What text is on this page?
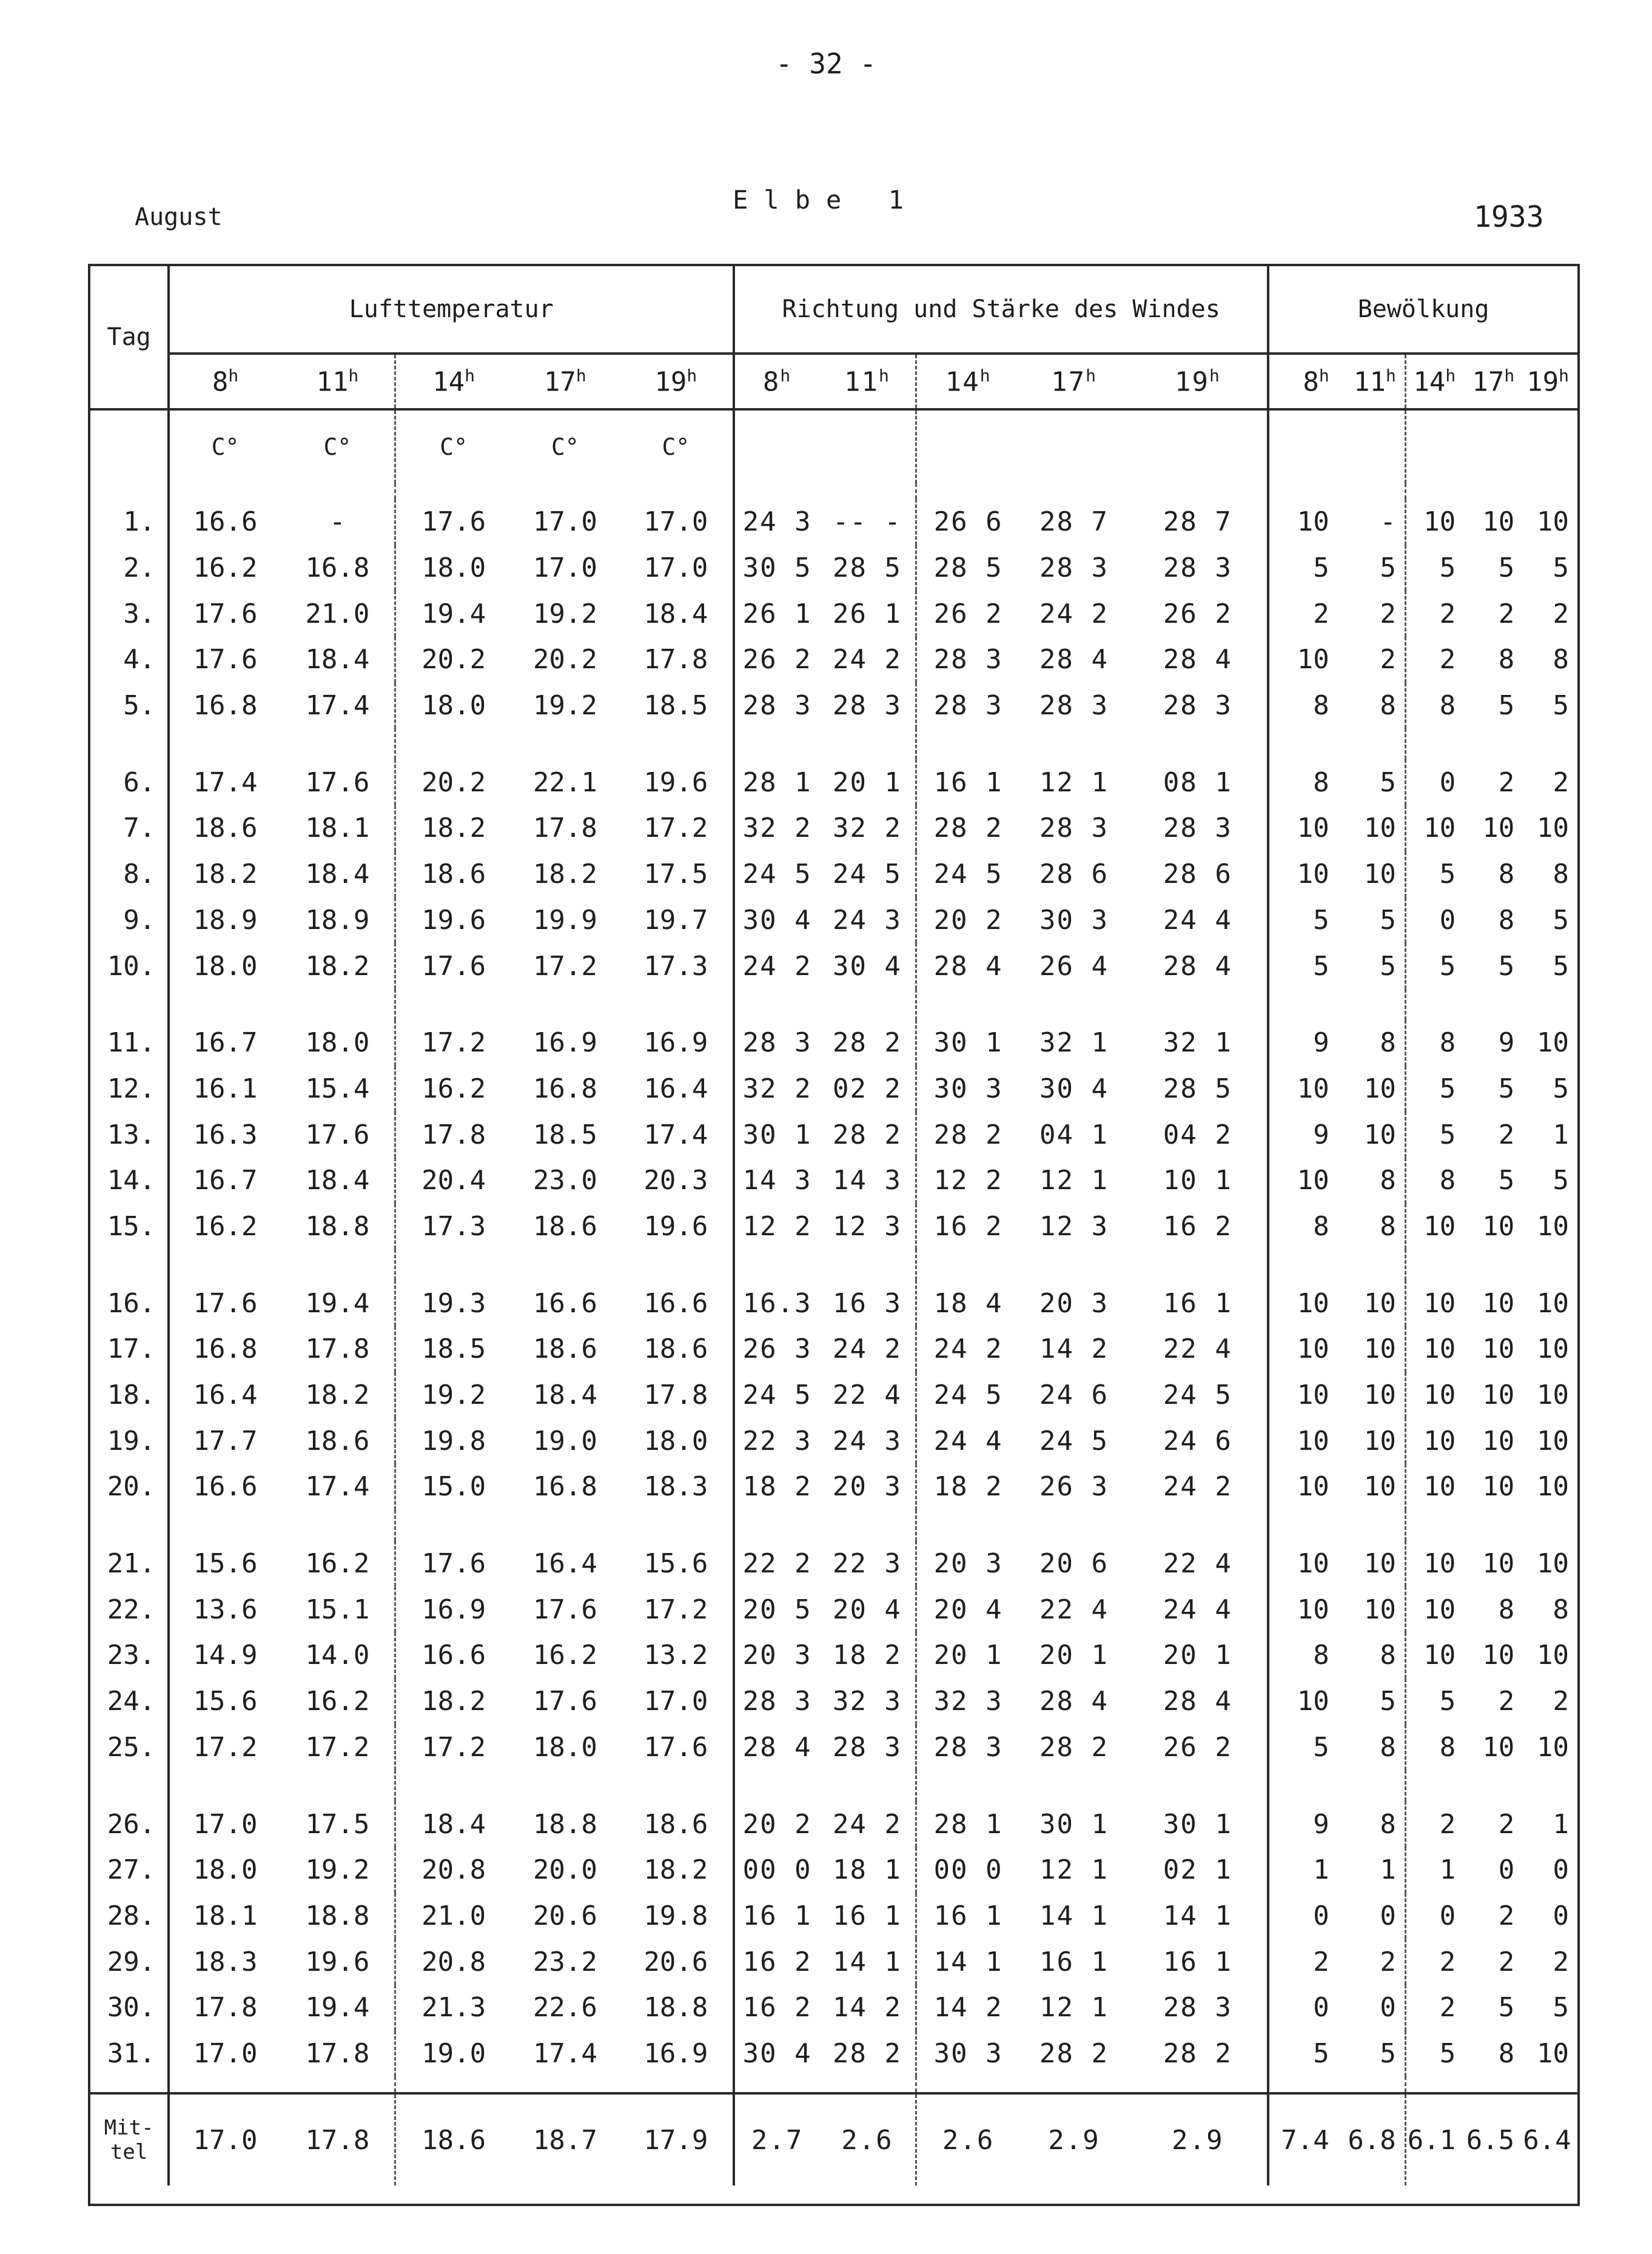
- 32 -
August
Elbe 1
1933
Tag	Lufttemperatur					Richtung und Stärke des Windes					Bewölkung				
	8$^h$	11$^h$	14$^h$	17$^h$	19$^h$	8$^h$	11$^h$	14$^h$	17$^h$	19$^h$	8$^h$	11$^h$	14$^h$	17$^h$	19$^h$
	C°	C°	C°	C°	C°										

1.	16.6	-	17.6	17.0	17.0	24 3	-- -	26 6	28 7	28 7	10	-	10	10	10
2.	16.2	16.8	18.0	17.0	17.0	30 5	28 5	28 5	28 3	28 3	5	5	5	5	5
3.	17.6	21.0	19.4	19.2	18.4	26 1	26 1	26 2	24 2	26 2	2	2	2	2	2
4.	17.6	18.4	20.2	20.2	17.8	26 2	24 2	28 3	28 4	28 4	10	2	2	8	8
5.	16.8	17.4	18.0	19.2	18.5	28 3	28 3	28 3	28 3	28 3	8	8	8	5	5

6.	17.4	17.6	20.2	22.1	19.6	28 1	20 1	16 1	12 1	08 1	8	5	0	2	2
7.	18.6	18.1	18.2	17.8	17.2	32 2	32 2	28 2	28 3	28 3	10	10	10	10	10
8.	18.2	18.4	18.6	18.2	17.5	24 5	24 5	24 5	28 6	28 6	10	10	5	8	8
9.	18.9	18.9	19.6	19.9	19.7	30 4	24 3	20 2	30 3	24 4	5	5	0	8	5
10.	18.0	18.2	17.6	17.2	17.3	24 2	30 4	28 4	26 4	28 4	5	5	5	5	5

11.	16.7	18.0	17.2	16.9	16.9	28 3	28 2	30 1	32 1	32 1	9	8	8	9	10
12.	16.1	15.4	16.2	16.8	16.4	32 2	02 2	30 3	30 4	28 5	10	10	5	5	5
13.	16.3	17.6	17.8	18.5	17.4	30 1	28 2	28 2	04 1	04 2	9	10	5	2	1
14.	16.7	18.4	20.4	23.0	20.3	14 3	14 3	12 2	12 1	10 1	10	8	8	5	5
15.	16.2	18.8	17.3	18.6	19.6	12 2	12 3	16 2	12 3	16 2	8	8	10	10	10

16.	17.6	19.4	19.3	16.6	16.6	16.3	16 3	18 4	20 3	16 1	10	10	10	10	10
17.	16.8	17.8	18.5	18.6	18.6	26 3	24 2	24 2	14 2	22 4	10	10	10	10	10
18.	16.4	18.2	19.2	18.4	17.8	24 5	22 4	24 5	24 6	24 5	10	10	10	10	10
19.	17.7	18.6	19.8	19.0	18.0	22 3	24 3	24 4	24 5	24 6	10	10	10	10	10
20.	16.6	17.4	15.0	16.8	18.3	18 2	20 3	18 2	26 3	24 2	10	10	10	10	10

21.	15.6	16.2	17.6	16.4	15.6	22 2	22 3	20 3	20 6	22 4	10	10	10	10	10
22.	13.6	15.1	16.9	17.6	17.2	20 5	20 4	20 4	22 4	24 4	10	10	10	8	8
23.	14.9	14.0	16.6	16.2	13.2	20 3	18 2	20 1	20 1	20 1	8	8	10	10	10
24.	15.6	16.2	18.2	17.6	17.0	28 3	32 3	32 3	28 4	28 4	10	5	5	2	2
25.	17.2	17.2	17.2	18.0	17.6	28 4	28 3	28 3	28 2	26 2	5	8	8	10	10

26.	17.0	17.5	18.4	18.8	18.6	20 2	24 2	28 1	30 1	30 1	9	8	2	2	1
27.	18.0	19.2	20.8	20.0	18.2	00 0	18 1	00 0	12 1	02 1	1	1	1	0	0
28.	18.1	18.8	21.0	20.6	19.8	16 1	16 1	16 1	14 1	14 1	0	0	0	2	0
29.	18.3	19.6	20.8	23.2	20.6	16 2	14 1	14 1	16 1	16 1	2	2	2	2	2
30.	17.8	19.4	21.3	22.6	18.8	16 2	14 2	14 2	12 1	28 3	0	0	2	5	5
31.	17.0	17.8	19.0	17.4	16.9	30 4	28 2	30 3	28 2	28 2	5	5	5	8	10

Mit-
tel	17.0	17.8	18.6	18.7	17.9	2.7	2.6	2.6	2.9	2.9	7.4	6.8	6.1	6.5	6.4
